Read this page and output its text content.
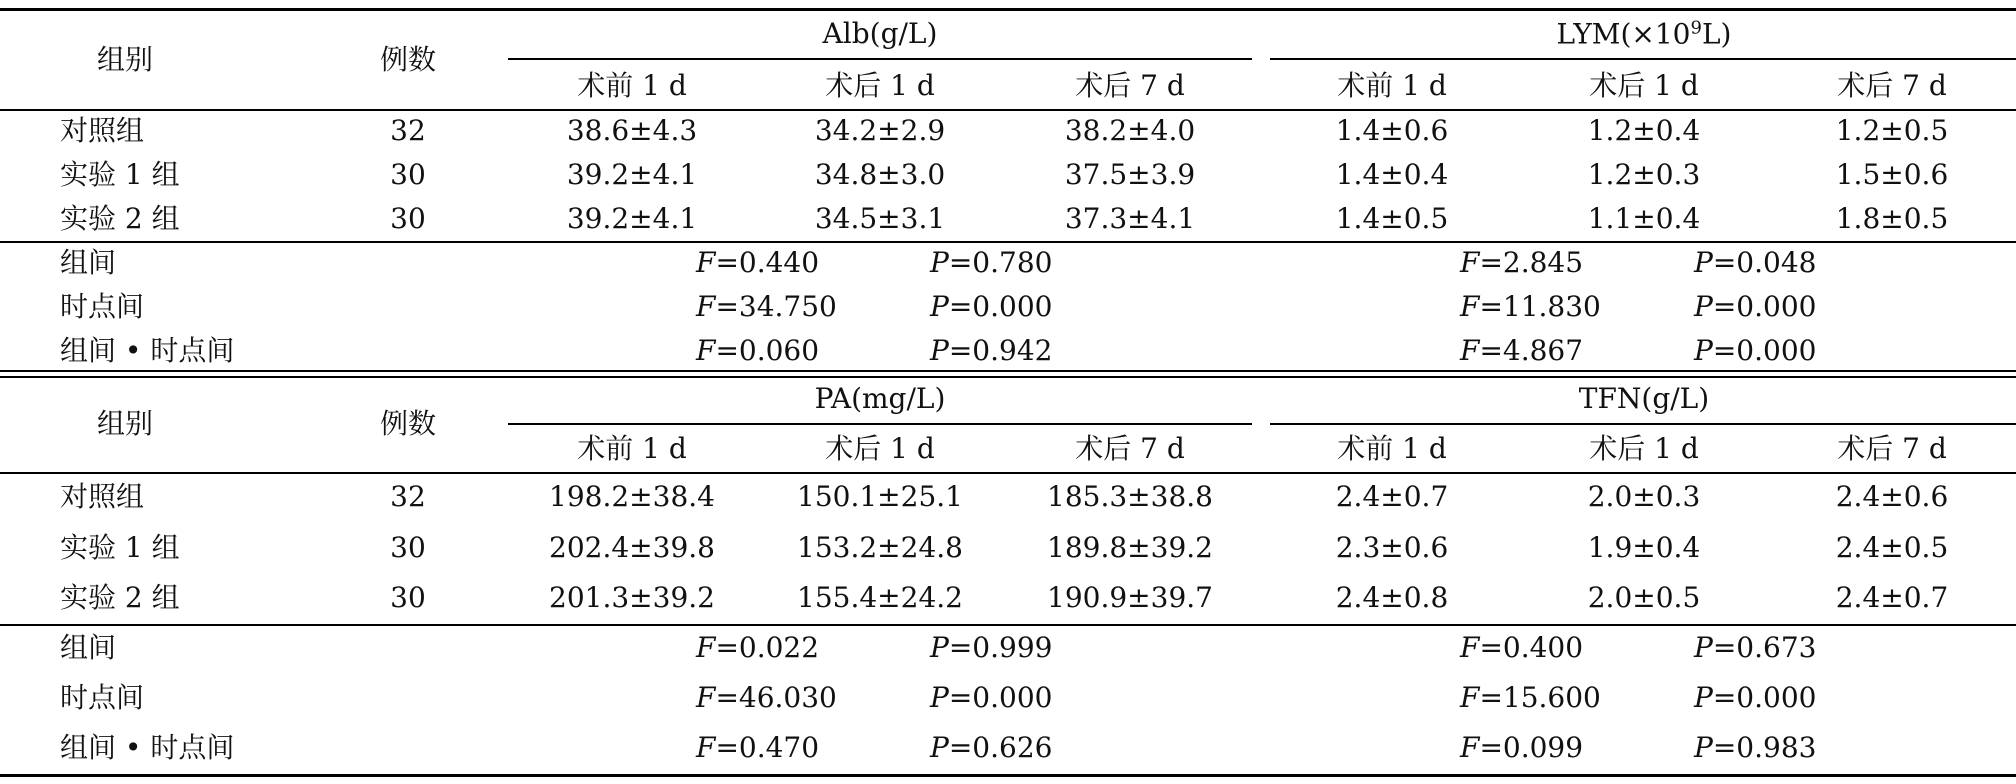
组别	例数
Alb(g/L)	$LYM(\times 10^9L)$
术前 1 d	术后 1 d	术后 7 d	术前 1 d	术后 1 d	术后 7 d
对照组	32	38.6±4.3	34.2±2.9	38.2±4.0	1.4±0.6	1.2±0.4	1.2±0.5
实验 1 组	30	39.2±4.1	34.8±3.0	37.5±3.9	1.4±0.4	1.2±0.3	1.5±0.6
实验 2 组	30	39.2±4.1	34.5±3.1	37.3±4.1	1.4±0.5	1.1±0.4	1.8±0.5
组间	F=0.440	P=0.780	F=2.845	P=0.048
时点间	F=34.750	P=0.000	F=11.830	P=0.000
组间 • 时点间	F=0.060	P=0.942	F=4.867	P=0.000
组别	例数
PA(mg/L)	TFN(g/L)
术前 1 d	术后 1 d	术后 7 d	术前 1 d	术后 1 d	术后 7 d
对照组	32	198.2±38.4	150.1±25.1	185.3±38.8	2.4±0.7	2.0±0.3	2.4±0.6
实验 1 组	30	202.4±39.8	153.2±24.8	189.8±39.2	2.3±0.6	1.9±0.4	2.4±0.5
实验 2 组	30	201.3±39.2	155.4±24.2	190.9±39.7	2.4±0.8	2.0±0.5	2.4±0.7
组间	F=0.022	P=0.999	F=0.400	P=0.673
时点间	F=46.030	P=0.000	F=15.600	P=0.000
组间 • 时点间	F=0.470	P=0.626	F=0.099	P=0.983
